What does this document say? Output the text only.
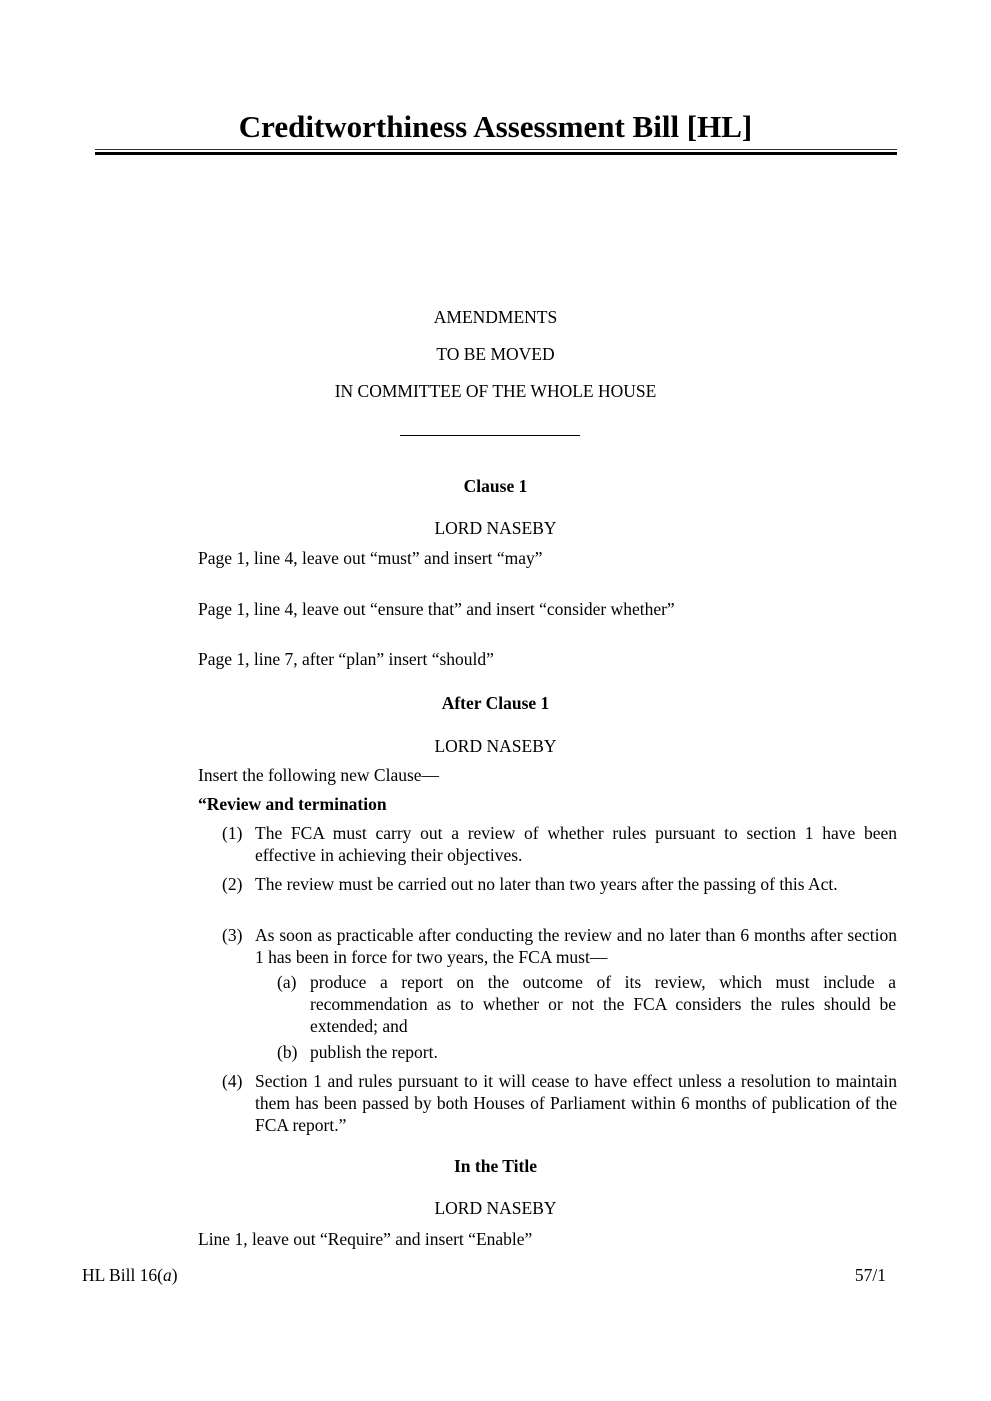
Creditworthiness Assessment Bill [HL]
AMENDMENTS
TO BE MOVED
IN COMMITTEE OF THE WHOLE HOUSE
Clause 1
LORD NASEBY
Page 1, line 4, leave out “must” and insert “may”
Page 1, line 4, leave out “ensure that” and insert “consider whether”
Page 1, line 7, after “plan” insert “should”
After Clause 1
LORD NASEBY
Insert the following new Clause—
“Review and termination
(1) The FCA must carry out a review of whether rules pursuant to section 1 have been effective in achieving their objectives.
(2) The review must be carried out no later than two years after the passing of this Act.
(3) As soon as practicable after conducting the review and no later than 6 months after section 1 has been in force for two years, the FCA must—
(a) produce a report on the outcome of its review, which must include a recommendation as to whether or not the FCA considers the rules should be extended; and
(b) publish the report.
(4) Section 1 and rules pursuant to it will cease to have effect unless a resolution to maintain them has been passed by both Houses of Parliament within 6 months of publication of the FCA report.”
In the Title
LORD NASEBY
Line 1, leave out “Require” and insert “Enable”
HL Bill 16(a)	57/1
